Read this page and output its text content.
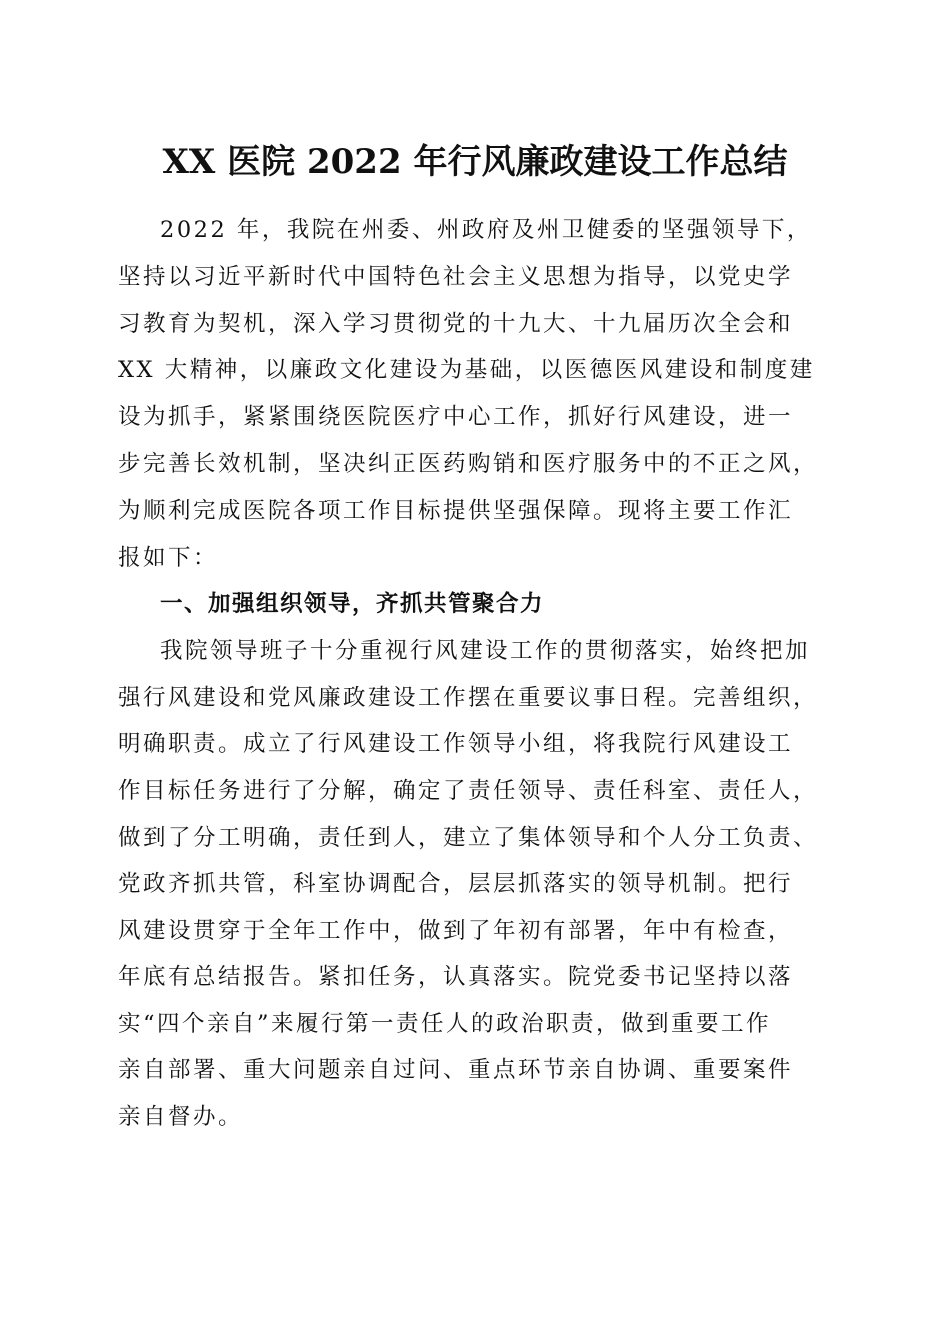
XX 医院 2022 年行风廉政建设工作总结
2022 年，我院在州委、州政府及州卫健委的坚强领导下，
坚持以习近平新时代中国特色社会主义思想为指导，以党史学
习教育为契机，深入学习贯彻党的十九大、十九届历次全会和
XX 大精神，以廉政文化建设为基础，以医德医风建设和制度建
设为抓手，紧紧围绕医院医疗中心工作，抓好行风建设，进一
步完善长效机制，坚决纠正医药购销和医疗服务中的不正之风，
为顺利完成医院各项工作目标提供坚强保障。现将主要工作汇
报如下：
一、加强组织领导，齐抓共管聚合力
我院领导班子十分重视行风建设工作的贯彻落实，始终把加
强行风建设和党风廉政建设工作摆在重要议事日程。完善组织，
明确职责。成立了行风建设工作领导小组，将我院行风建设工
作目标任务进行了分解，确定了责任领导、责任科室、责任人，
做到了分工明确，责任到人，建立了集体领导和个人分工负责、
党政齐抓共管，科室协调配合，层层抓落实的领导机制。把行
风建设贯穿于全年工作中，做到了年初有部署，年中有检查，
年底有总结报告。紧扣任务，认真落实。院党委书记坚持以落
实“四个亲自”来履行第一责任人的政治职责，做到重要工作
亲自部署、重大问题亲自过问、重点环节亲自协调、重要案件
亲自督办。
